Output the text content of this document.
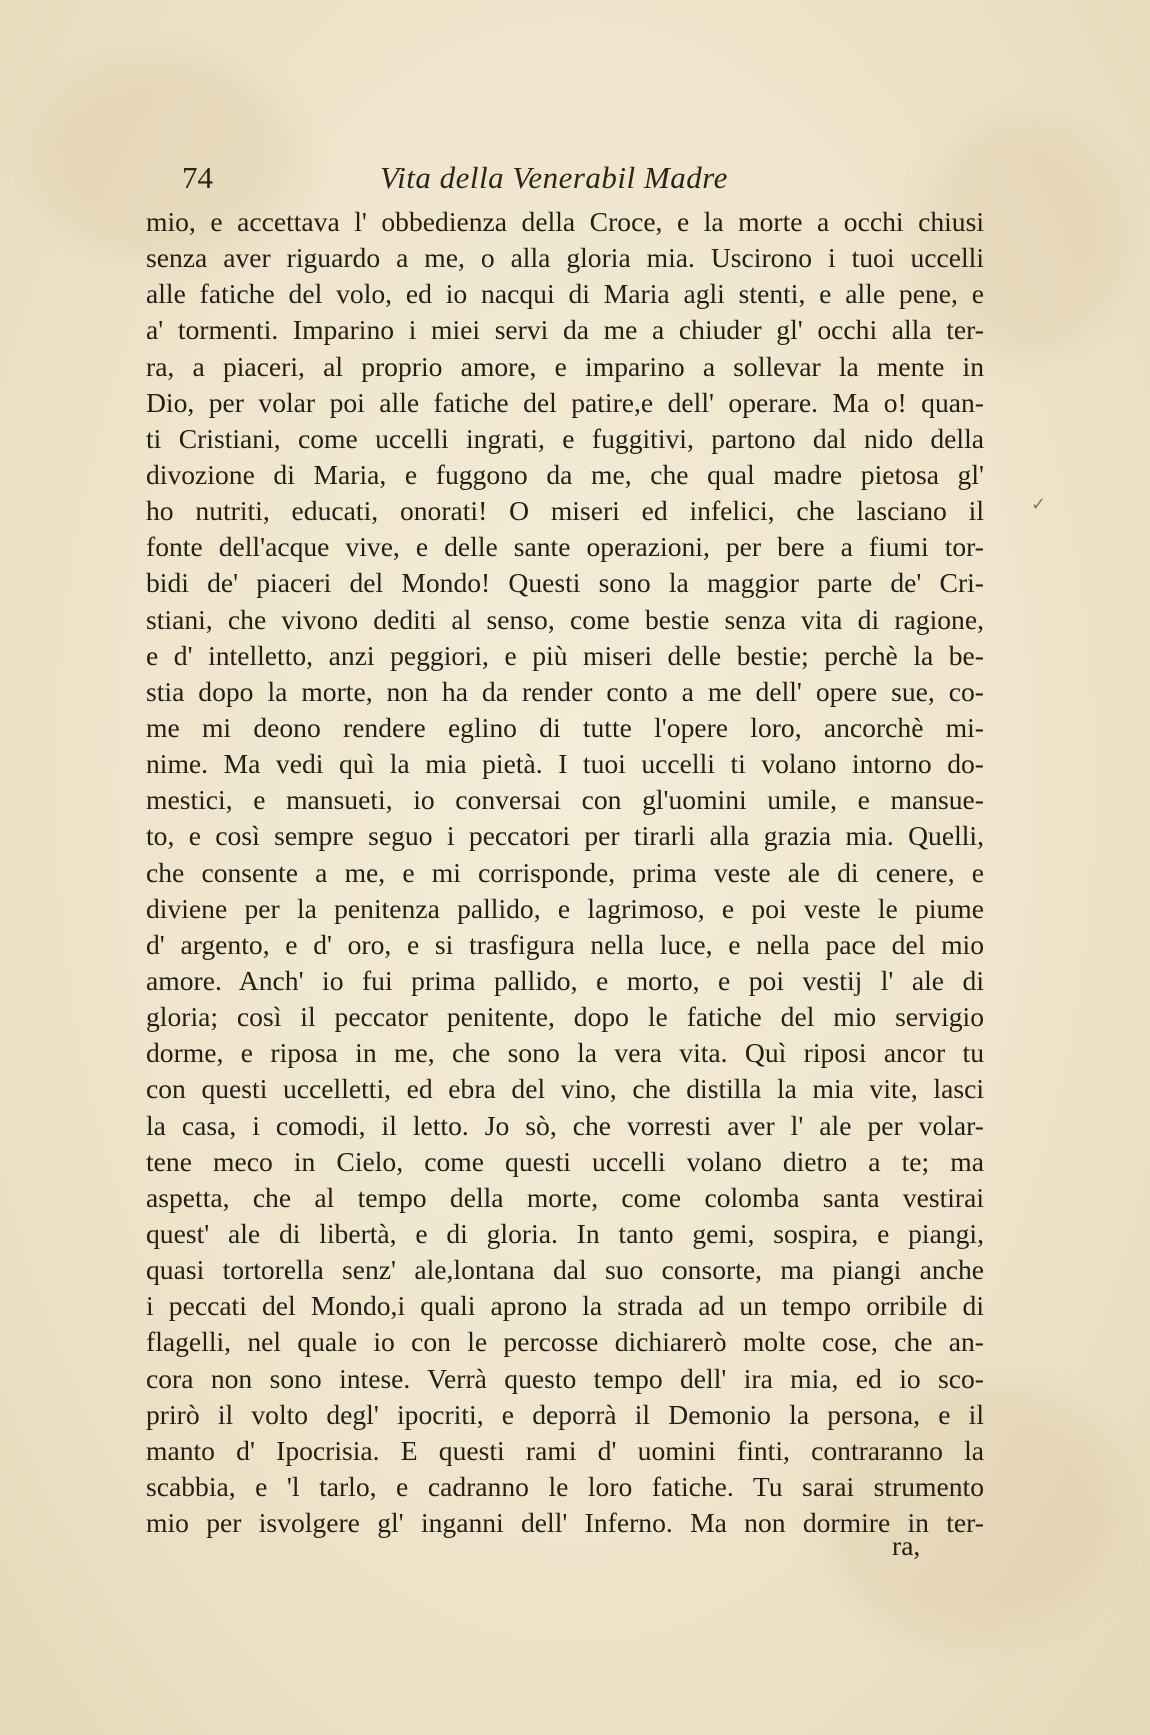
74	Vita della Venerabil Madre
mio, e accettava l' obbedienza della Croce, e la morte a occhi chiusi
senza aver riguardo a me, o alla gloria mia. Uscirono i tuoi uccelli
alle fatiche del volo, ed io nacqui di Maria agli stenti, e alle pene, e
a' tormenti. Imparino i miei servi da me a chiuder gl' occhi alla ter-
ra, a piaceri, al proprio amore, e imparino a sollevar la mente in
Dio, per volar poi alle fatiche del patire,e dell' operare. Ma o! quan-
ti Cristiani, come uccelli ingrati, e fuggitivi, partono dal nido della
divozione di Maria, e fuggono da me, che qual madre pietosa gl'
ho nutriti, educati, onorati! O miseri ed infelici, che lasciano il
fonte dell'acque vive, e delle sante operazioni, per bere a fiumi tor-
bidi de' piaceri del Mondo! Questi sono la maggior parte de' Cri-
stiani, che vivono dediti al senso, come bestie senza vita di ragione,
e d' intelletto, anzi peggiori, e più miseri delle bestie; perchè la be-
stia dopo la morte, non ha da render conto a me dell' opere sue, co-
me mi deono rendere eglino di tutte l'opere loro, ancorchè mi-
nime. Ma vedi quì la mia pietà. I tuoi uccelli ti volano intorno do-
mestici, e mansueti, io conversai con gl'uomini umile, e mansue-
to, e così sempre seguo i peccatori per tirarli alla grazia mia. Quelli,
che consente a me, e mi corrisponde, prima veste ale di cenere, e
diviene per la penitenza pallido, e lagrimoso, e poi veste le piume
d' argento, e d' oro, e si trasfigura nella luce, e nella pace del mio
amore. Anch' io fui prima pallido, e morto, e poi vestij l' ale di
gloria; così il peccator penitente, dopo le fatiche del mio servigio
dorme, e riposa in me, che sono la vera vita. Quì riposi ancor tu
con questi uccelletti, ed ebra del vino, che distilla la mia vite, lasci
la casa, i comodi, il letto. Jo sò, che vorresti aver l' ale per volar-
tene meco in Cielo, come questi uccelli volano dietro a te; ma
aspetta, che al tempo della morte, come colomba santa vestirai
quest' ale di libertà, e di gloria. In tanto gemi, sospira, e piangi,
quasi tortorella senz' ale,lontana dal suo consorte, ma piangi anche
i peccati del Mondo,i quali aprono la strada ad un tempo orribile di
flagelli, nel quale io con le percosse dichiarerò molte cose, che an-
cora non sono intese. Verrà questo tempo dell' ira mia, ed io sco-
prirò il volto degl' ipocriti, e deporrà il Demonio la persona, e il
manto d' Ipocrisia. E questi rami d' uomini finti, contraranno la
scabbia, e 'l tarlo, e cadranno le loro fatiche. Tu sarai strumento
mio per isvolgere gl' inganni dell' Inferno. Ma non dormire in ter-
ra,
✓
